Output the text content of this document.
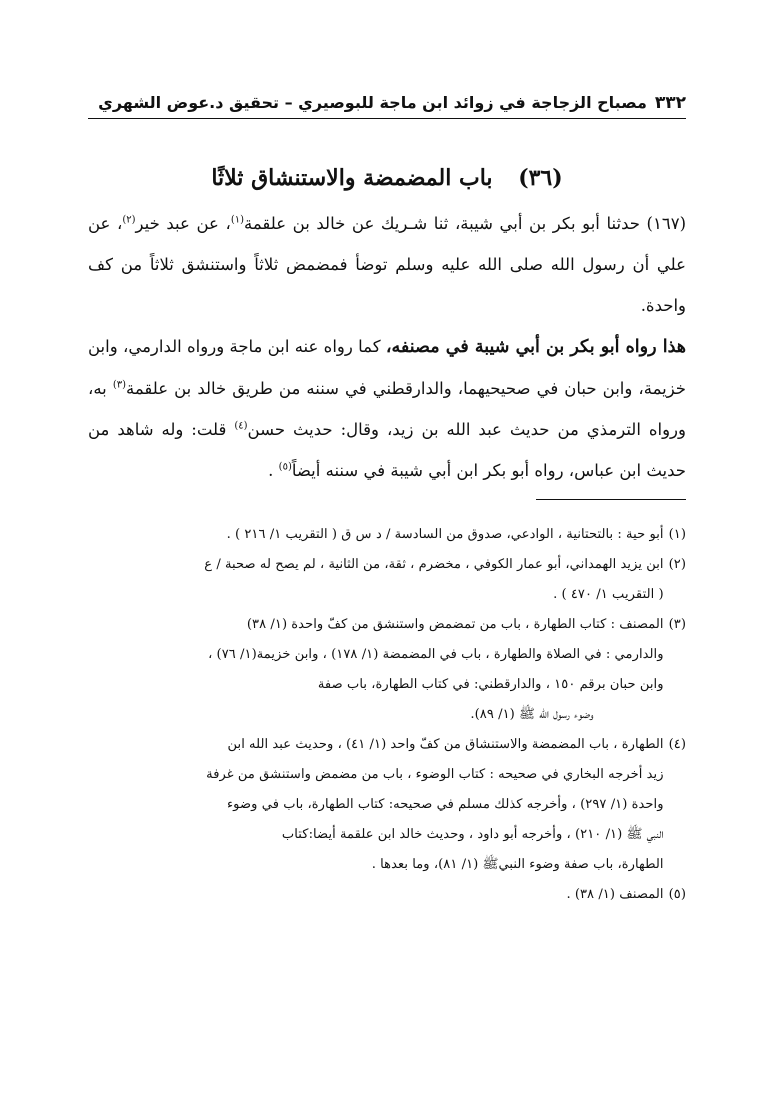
٣٣٢
مصباح الزجاجة في زوائد ابن ماجة للبوصيري – تحقيق د.عوض الشهري
(٣٦) باب المضمضة والاستنشاق ثلاثًا

(١٦٧) حدثنا أبو بكر بن أبي شيبة، ثنا شـريك عن خالد بن علقمة$^{(١)}$، عن عبد خير$^{(٢)}$، عن علي أن رسول الله صلى الله عليه وسلم توضأ فمضمض ثلاثاً واستنشق ثلاثاً من كف واحدة.

هذا رواه أبو بكر بن أبي شيبة في مصنفه، كما رواه عنه ابن ماجة ورواه الدارمي، وابن خزيمة، وابن حبان في صحيحيهما، والدارقطني في سننه من طريق خالد بن علقمة$^{(٣)}$ به، ورواه الترمذي من حديث عبد الله بن زيد، وقال: حديث حسن$^{(٤)}$ قلت: وله شاهد من حديث ابن عباس، رواه أبو بكر ابن أبي شيبة في سننه أيضاً$^{(٥)}$ .

(١)
أبو حية : بالتحتانية ، الوادعي، صدوق من السادسة / د س ق ( التقريب ١/ ٢١٦ ) .
(٢)
ابن يزيد الهمداني، أبو عمار الكوفي ، مخضرم ، ثقة، من الثانية ، لم يصح له صحبة / ع
( التقريب ١/ ٤٧٠ ) .
(٣)
المصنف : كتاب الطهارة ، باب من تمضمض واستنشق من كفّ واحدة (١/ ٣٨)
والدارمي : في الصلاة والطهارة ، باب في المضمضة (١/ ١٧٨) ، وابن خزيمة(١/ ٧٦) ،
وابن حبان برقم ١٥٠ ، والدارقطني: في كتاب الطهارة، باب صفة
وضوء رسول الله ﷺ (١/ ٨٩).
(٤)
الطهارة ، باب المضمضة والاستنشاق من كفّ واحد (١/ ٤١) ، وحديث عبد الله ابن
زيد أخرجه البخاري في صحيحه : كتاب الوضوء ، باب من مضمض واستنشق من غرفة
واحدة (١/ ٢٩٧) ، وأخرجه كذلك مسلم في صحيحه: كتاب الطهارة، باب في وضوء
النبي ﷺ (١/ ٢١٠) ، وأخرجه أبو داود ، وحديث خالد ابن علقمة أيضا:كتاب
الطهارة، باب صفة وضوء النبيﷺ (١/ ٨١)، وما بعدها .
(٥)
المصنف (١/ ٣٨) .
